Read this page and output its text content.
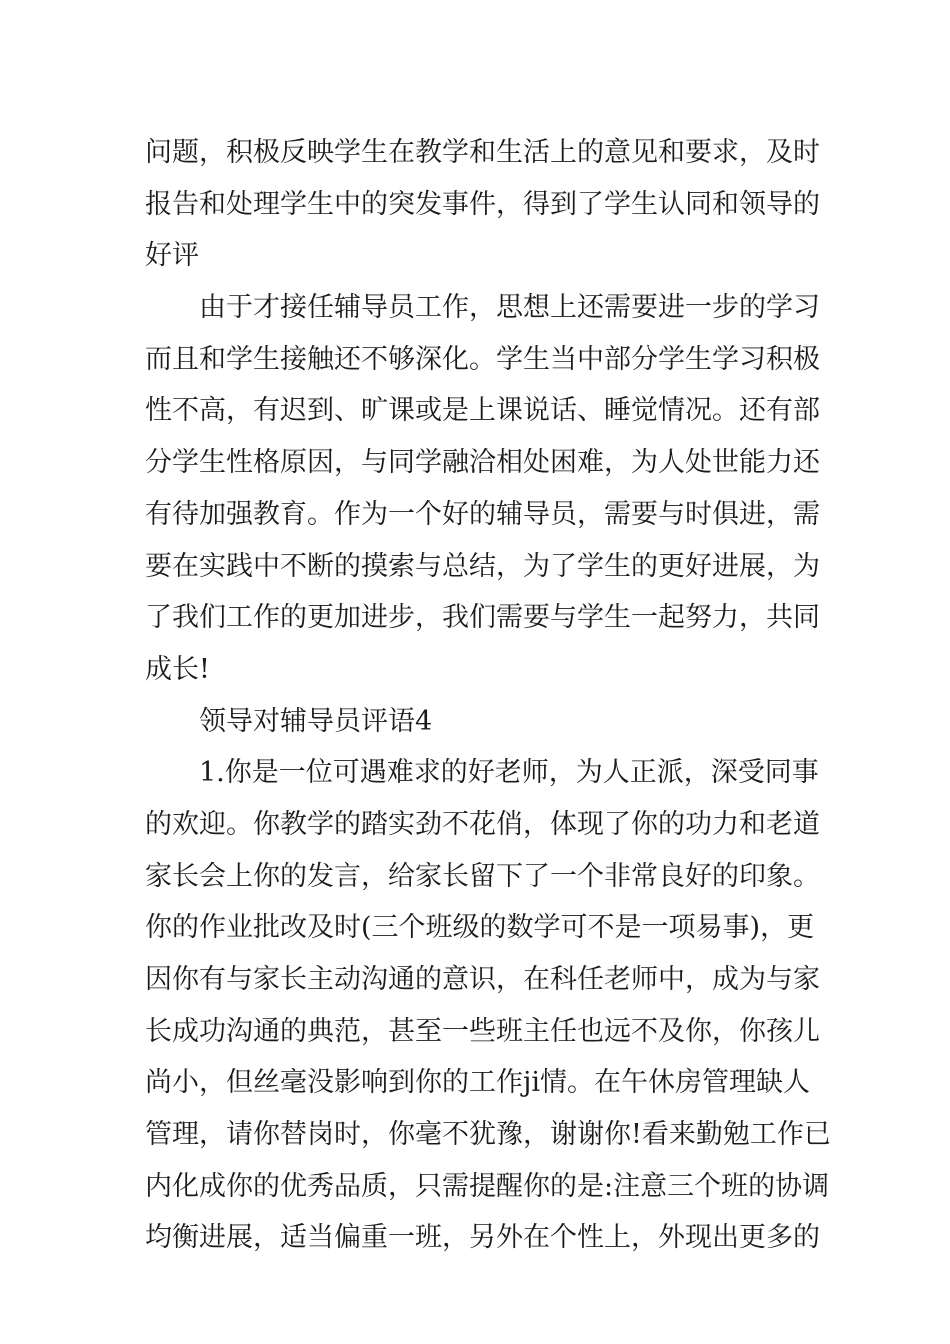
问题，积极反映学生在教学和生活上的意见和要求，及时
报告和处理学生中的突发事件，得到了学生认同和领导的
好评
　　由于才接任辅导员工作，思想上还需要进一步的学习
而且和学生接触还不够深化。学生当中部分学生学习积极
性不高，有迟到、旷课或是上课说话、睡觉情况。还有部
分学生性格原因，与同学融洽相处困难，为人处世能力还
有待加强教育。作为一个好的辅导员，需要与时俱进，需
要在实践中不断的摸索与总结，为了学生的更好进展，为
了我们工作的更加进步，我们需要与学生一起努力，共同
成长!
　　领导对辅导员评语4
　　1.你是一位可遇难求的好老师，为人正派，深受同事
的欢迎。你教学的踏实劲不花俏，体现了你的功力和老道
家长会上你的发言，给家长留下了一个非常良好的印象。
你的作业批改及时(三个班级的数学可不是一项易事)，更
因你有与家长主动沟通的意识，在科任老师中，成为与家
长成功沟通的典范，甚至一些班主任也远不及你，你孩儿
尚小，但丝毫没影响到你的工作ji情。在午休房管理缺人
管理，请你替岗时，你毫不犹豫，谢谢你!看来勤勉工作已
内化成你的优秀品质，只需提醒你的是:注意三个班的协调
均衡进展，适当偏重一班，另外在个性上，外现出更多的
